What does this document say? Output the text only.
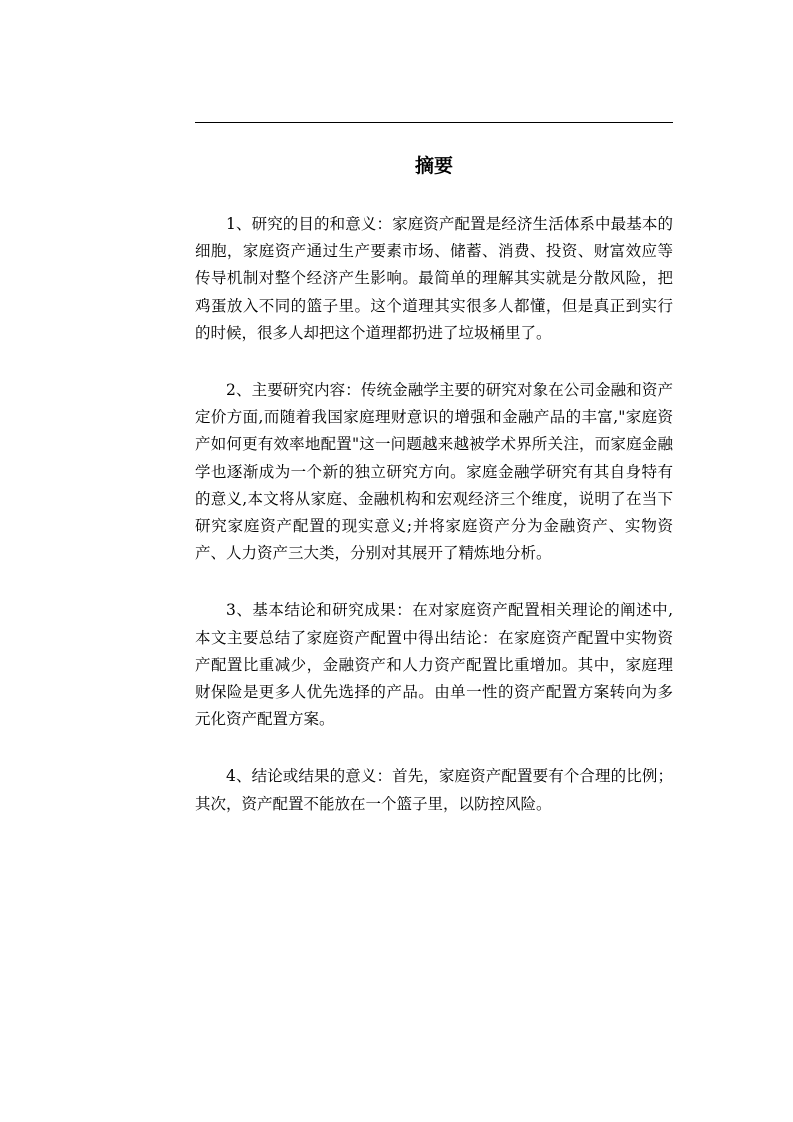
摘要

1、研究的目的和意义：家庭资产配置是经济生活体系中最基本的细胞，家庭资产通过生产要素市场、储蓄、消费、投资、财富效应等传导机制对整个经济产生影响。最简单的理解其实就是分散风险，把鸡蛋放入不同的篮子里。这个道理其实很多人都懂，但是真正到实行的时候，很多人却把这个道理都扔进了垃圾桶里了。

2、主要研究内容：传统金融学主要的研究对象在公司金融和资产定价方面,而随着我国家庭理财意识的增强和金融产品的丰富,"家庭资产如何更有效率地配置"这一问题越来越被学术界所关注，而家庭金融学也逐渐成为一个新的独立研究方向。家庭金融学研究有其自身特有的意义,本文将从家庭、金融机构和宏观经济三个维度，说明了在当下研究家庭资产配置的现实意义;并将家庭资产分为金融资产、实物资产、人力资产三大类，分别对其展开了精炼地分析。

3、基本结论和研究成果：在对家庭资产配置相关理论的阐述中,本文主要总结了家庭资产配置中得出结论：在家庭资产配置中实物资产配置比重减少，金融资产和人力资产配置比重增加。其中，家庭理财保险是更多人优先选择的产品。由单一性的资产配置方案转向为多元化资产配置方案。

4、结论或结果的意义：首先，家庭资产配置要有个合理的比例；其次，资产配置不能放在一个篮子里，以防控风险。
